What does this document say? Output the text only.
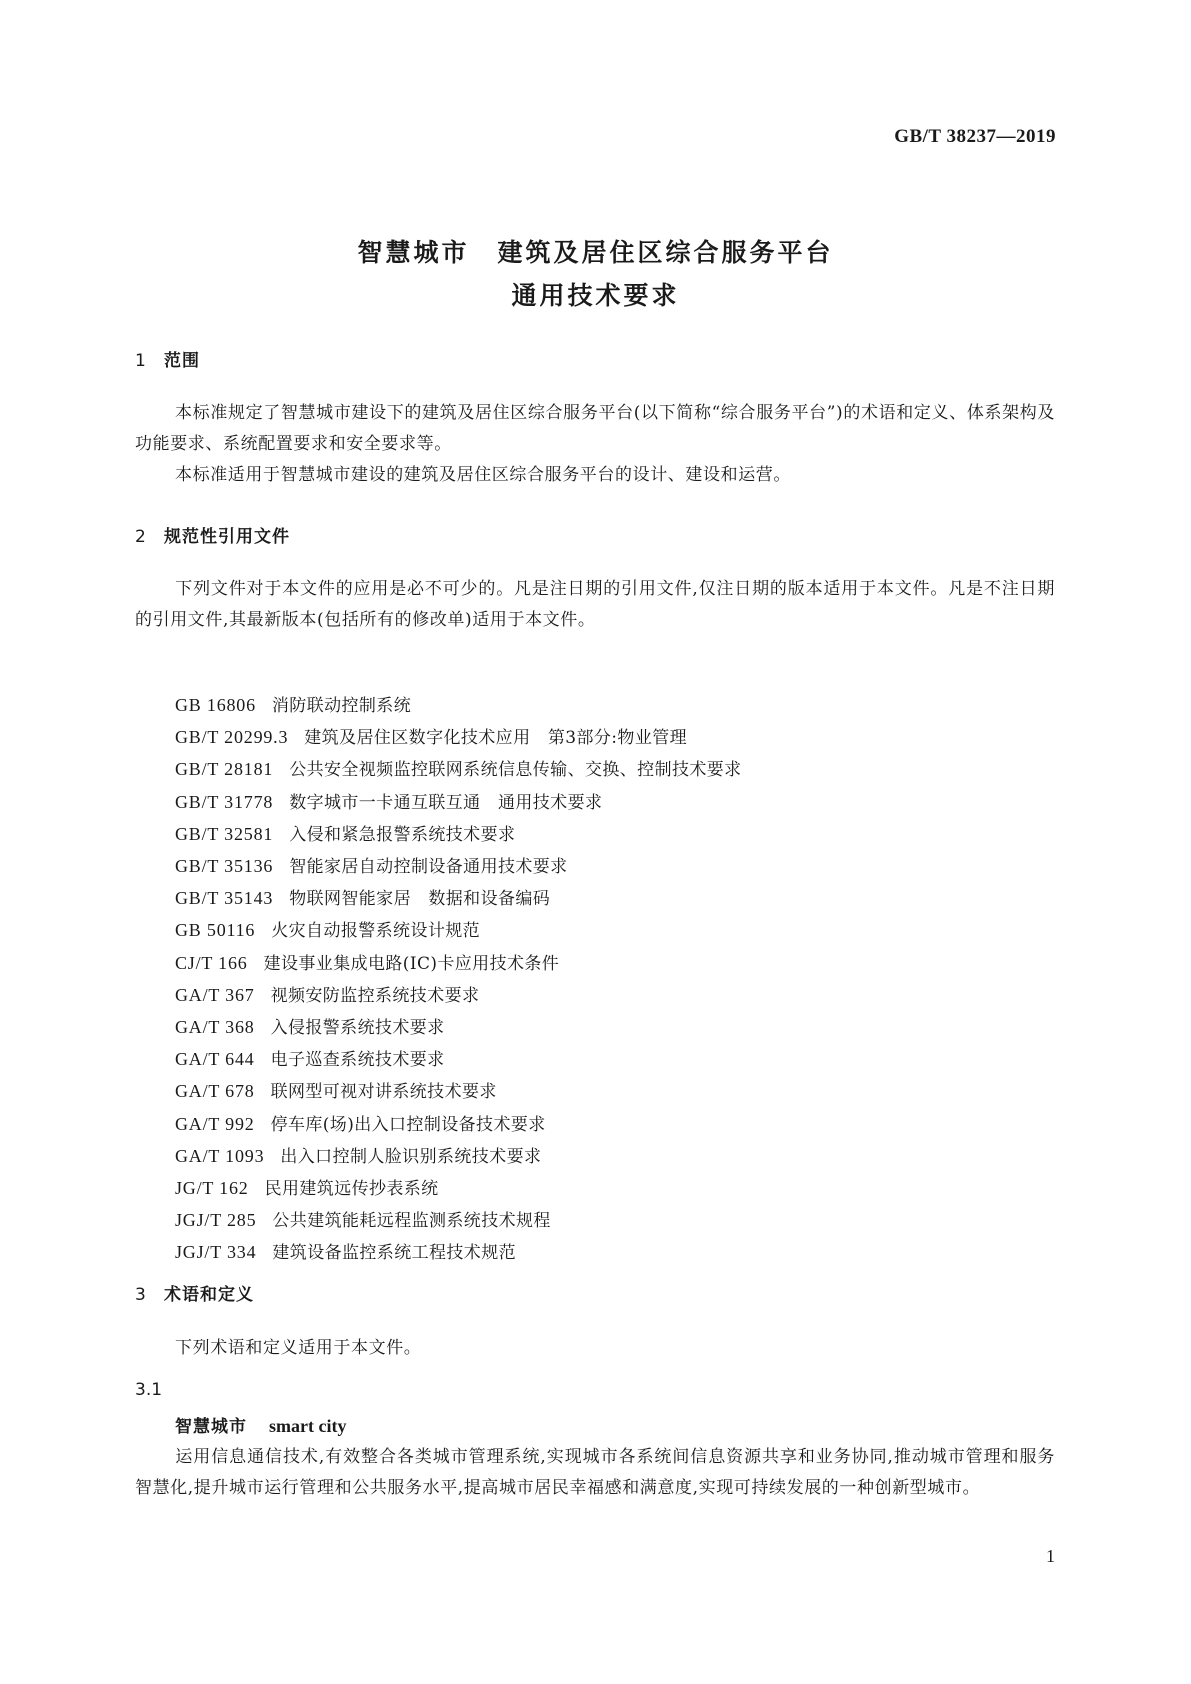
GB/T 38237—2019
智慧城市　建筑及居住区综合服务平台
通用技术要求
1 范围
本标准规定了智慧城市建设下的建筑及居住区综合服务平台(以下简称“综合服务平台”)的术语和定义、体系架构及功能要求、系统配置要求和安全要求等。
本标准适用于智慧城市建设的建筑及居住区综合服务平台的设计、建设和运营。
2 规范性引用文件
下列文件对于本文件的应用是必不可少的。凡是注日期的引用文件,仅注日期的版本适用于本文件。凡是不注日期的引用文件,其最新版本(包括所有的修改单)适用于本文件。
GB 16806 消防联动控制系统
GB/T 20299.3 建筑及居住区数字化技术应用　第3部分:物业管理
GB/T 28181 公共安全视频监控联网系统信息传输、交换、控制技术要求
GB/T 31778 数字城市一卡通互联互通　通用技术要求
GB/T 32581 入侵和紧急报警系统技术要求
GB/T 35136 智能家居自动控制设备通用技术要求
GB/T 35143 物联网智能家居　数据和设备编码
GB 50116 火灾自动报警系统设计规范
CJ/T 166 建设事业集成电路(IC)卡应用技术条件
GA/T 367 视频安防监控系统技术要求
GA/T 368 入侵报警系统技术要求
GA/T 644 电子巡查系统技术要求
GA/T 678 联网型可视对讲系统技术要求
GA/T 992 停车库(场)出入口控制设备技术要求
GA/T 1093 出入口控制人脸识别系统技术要求
JG/T 162 民用建筑远传抄表系统
JGJ/T 285 公共建筑能耗远程监测系统技术规程
JGJ/T 334 建筑设备监控系统工程技术规范
3 术语和定义
下列术语和定义适用于本文件。
3.1
智慧城市 smart city
运用信息通信技术,有效整合各类城市管理系统,实现城市各系统间信息资源共享和业务协同,推动城市管理和服务智慧化,提升城市运行管理和公共服务水平,提高城市居民幸福感和满意度,实现可持续发展的一种创新型城市。
1
